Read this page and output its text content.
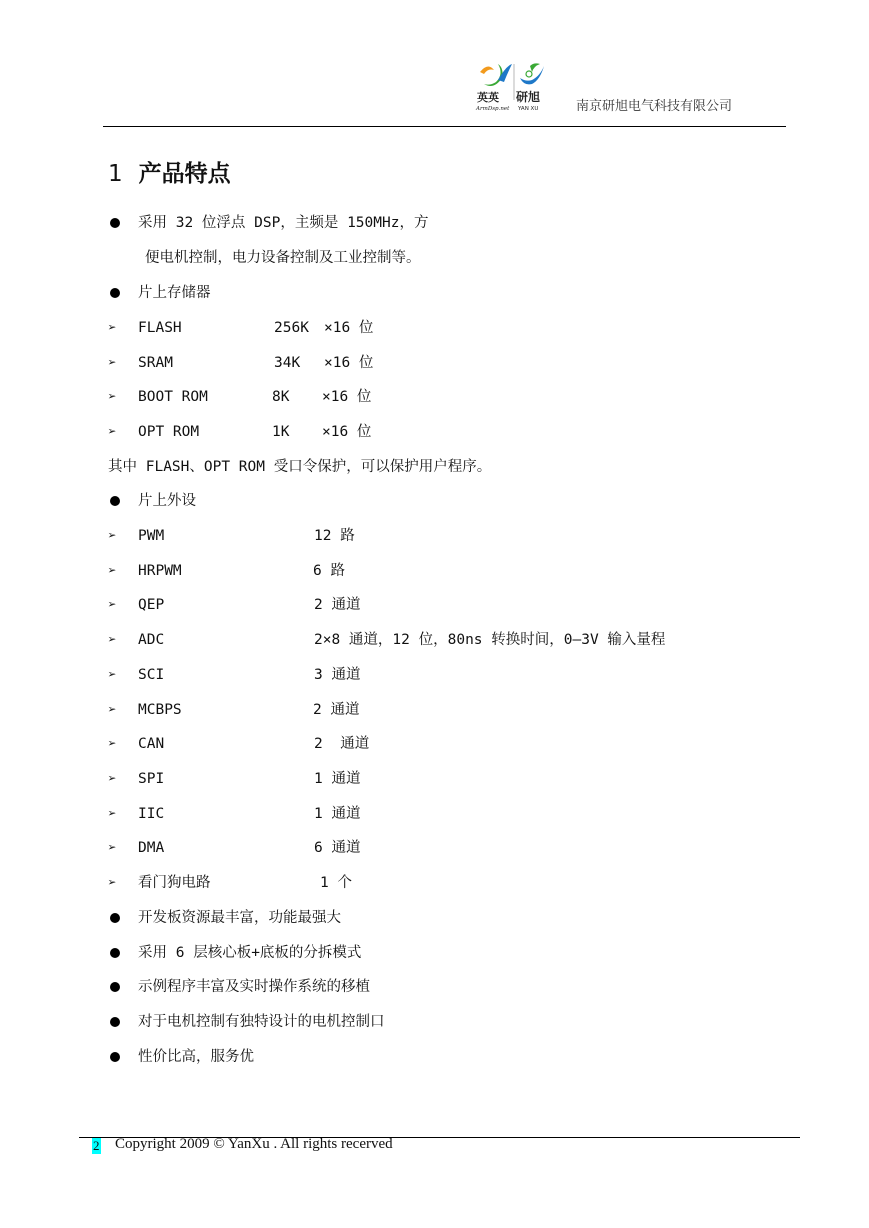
英英 研旭
ArmDsp.net YAN XU	南京研旭电气科技有限公司
1 产品特点
采用 32 位浮点 DSP，主频是 150MHz，方
便电机控制，电力设备控制及工业控制等。
片上存储器
➢	FLASH	256K ×16 位
➢	SRAM	34K ×16 位
➢	BOOT ROM	8K ×16 位
➢	OPT ROM	1K ×16 位
其中 FLASH、OPT ROM 受口令保护，可以保护用户程序。
片上外设
➢	PWM	12 路
➢	HRPWM	6 路
➢	QEP	2 通道
➢	ADC	2×8 通道，12 位，80ns 转换时间，0—3V 输入量程
➢	SCI	3 通道
➢	MCBPS	2 通道
➢	CAN	2  通道
➢	SPI	1 通道
➢	IIC	1 通道
➢	DMA	6 通道
➢	看门狗电路	1 个
开发板资源最丰富，功能最强大
采用 6 层核心板+底板的分拆模式
示例程序丰富及实时操作系统的移植
对于电机控制有独特设计的电机控制口
性价比高，服务优
2 Copyright 2009 © YanXu . All rights recerved
